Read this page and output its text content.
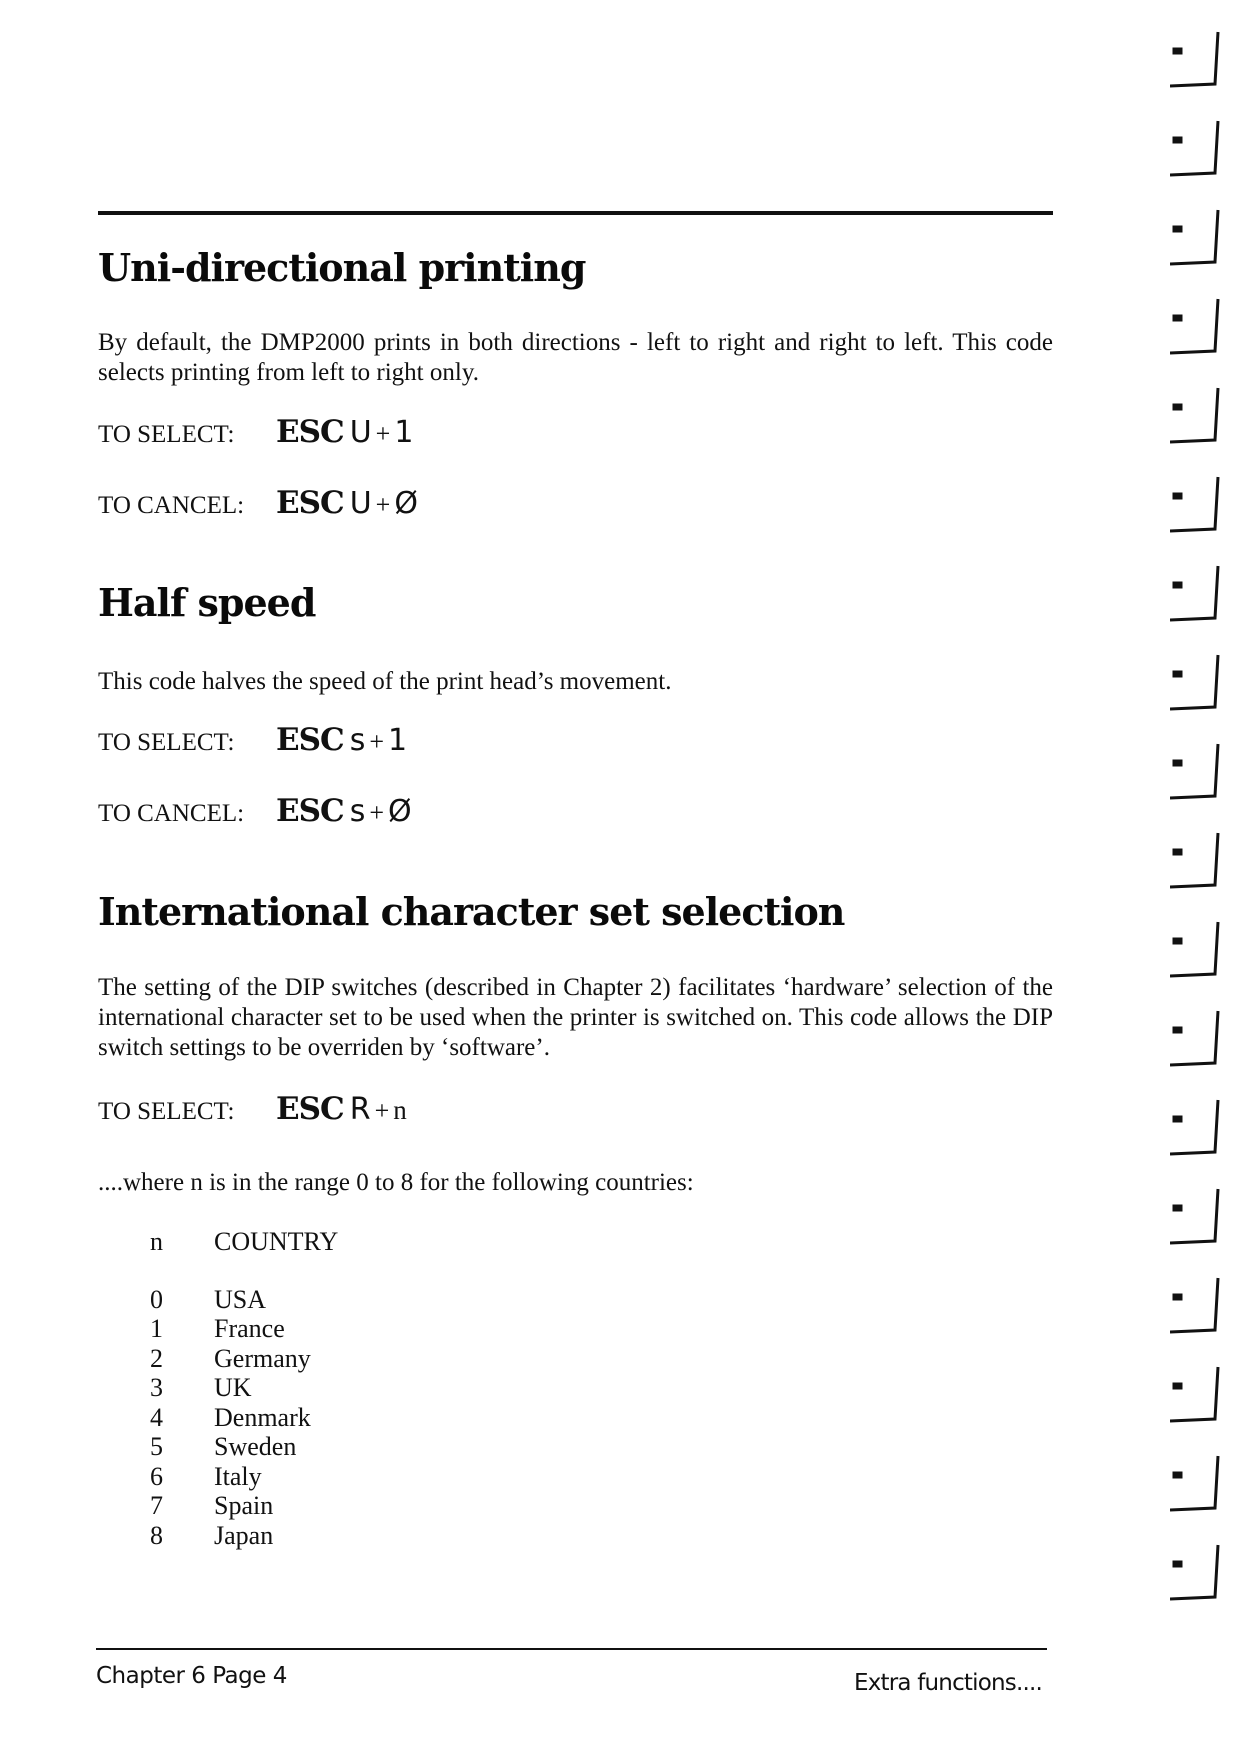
Uni-directional printing

By default, the DMP2000 prints in both directions - left to right and right to left. This code selects printing from left to right only.

TO SELECT: ESC U + 1
TO CANCEL: ESC U + Ø
Half speed

This code halves the speed of the print head’s movement.

TO SELECT: ESC s + 1
TO CANCEL: ESC s + Ø
International character set selection

The setting of the DIP switches (described in Chapter 2) facilitates ‘hardware’ selection of the international character set to be used when the printer is switched on. This code allows the DIP switch settings to be overriden by ‘software’.

TO SELECT: ESC R + n

....where n is in the range 0 to 8 for the following countries:

n COUNTRY
0 USA
1 France
2 Germany
3 UK
4 Denmark
5 Sweden
6 Italy
7 Spain
8 Japan

Chapter 6 Page 4	Extra functions....
